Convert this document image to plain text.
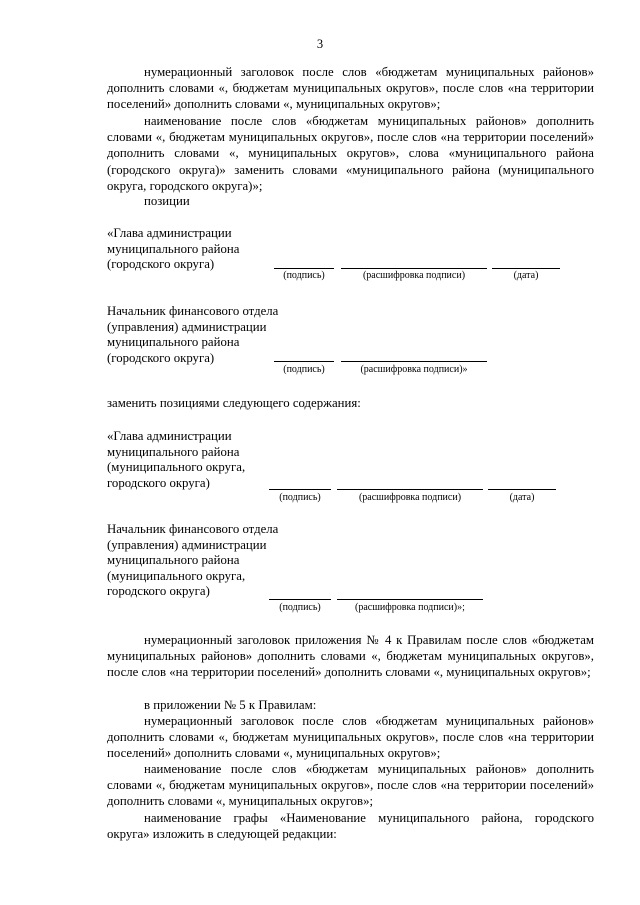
3
нумерационный заголовок после слов «бюджетам муниципальных районов» дополнить словами «, бюджетам муниципальных округов», после слов «на территории поселений» дополнить словами «, муниципальных округов»;
наименование после слов «бюджетам муниципальных районов» дополнить словами «, бюджетам муниципальных округов», после слов «на территории поселений» дополнить словами «, муниципальных округов», слова «муниципального района (городского округа)» заменить словами «муниципального района (муниципального округа, городского округа)»;
позиции
«Глава администрации
муниципального района
(городского округа)
(подпись)	(расшифровка подписи)	(дата)
Начальник финансового отдела
(управления) администрации
муниципального района
(городского округа)
(подпись)	(расшифровка подписи)»
заменить позициями следующего содержания:
«Глава администрации
муниципального района
(муниципального округа,
городского округа)
(подпись)	(расшифровка подписи)	(дата)
Начальник финансового отдела
(управления) администрации
муниципального района
(муниципального округа,
городского округа)
(подпись)	(расшифровка подписи)»;
нумерационный заголовок приложения № 4 к Правилам после слов «бюджетам муниципальных районов» дополнить словами «, бюджетам муниципальных округов», после слов «на территории поселений» дополнить словами «, муниципальных округов»;
в приложении № 5 к Правилам:
нумерационный заголовок после слов «бюджетам муниципальных районов» дополнить словами «, бюджетам муниципальных округов», после слов «на территории поселений» дополнить словами «, муниципальных округов»;
наименование после слов «бюджетам муниципальных районов» дополнить словами «, бюджетам муниципальных округов», после слов «на территории поселений» дополнить словами «, муниципальных округов»;
наименование графы «Наименование муниципального района, городского округа» изложить в следующей редакции:
